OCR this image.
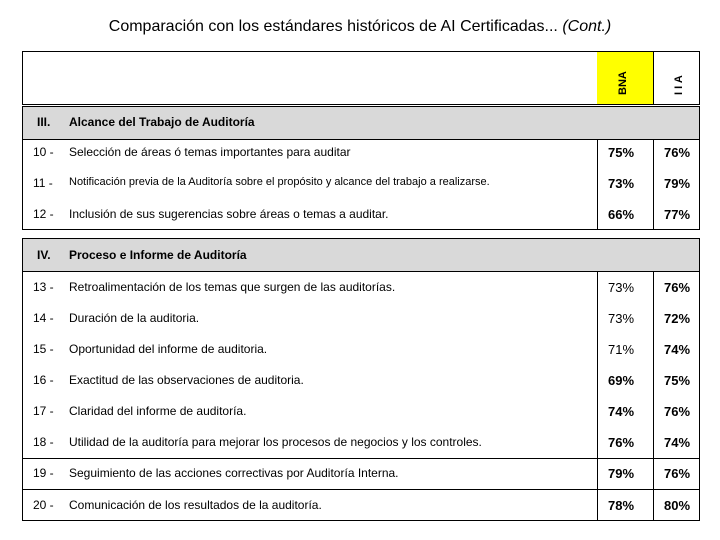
Comparación con los estándares históricos de AI Certificadas... (Cont.)
BNA	I I A
III. Alcance del Trabajo de Auditoría
10 - Selección de áreas ó temas importantes para auditar	75%	76%
11 - Notificación previa de la Auditoría sobre el propósito y alcance del trabajo a realizarse.	73%	79%
12 - Inclusión de sus sugerencias sobre áreas o temas a auditar.	66%	77%
IV. Proceso e Informe de Auditoría
13 - Retroalimentación de los temas que surgen de las auditorías.	73%	76%
14 - Duración de la auditoria.	73%	72%
15 - Oportunidad del informe de auditoria.	71%	74%
16 - Exactitud de las observaciones de auditoria.	69%	75%
17 - Claridad del informe de auditoría.	74%	76%
18 - Utilidad de la auditoría para mejorar los procesos de negocios y los controles.	76%	74%
19 - Seguimiento de las acciones correctivas por Auditoría Interna.	79%	76%
20 - Comunicación de los resultados de la auditoría.	78%	80%
